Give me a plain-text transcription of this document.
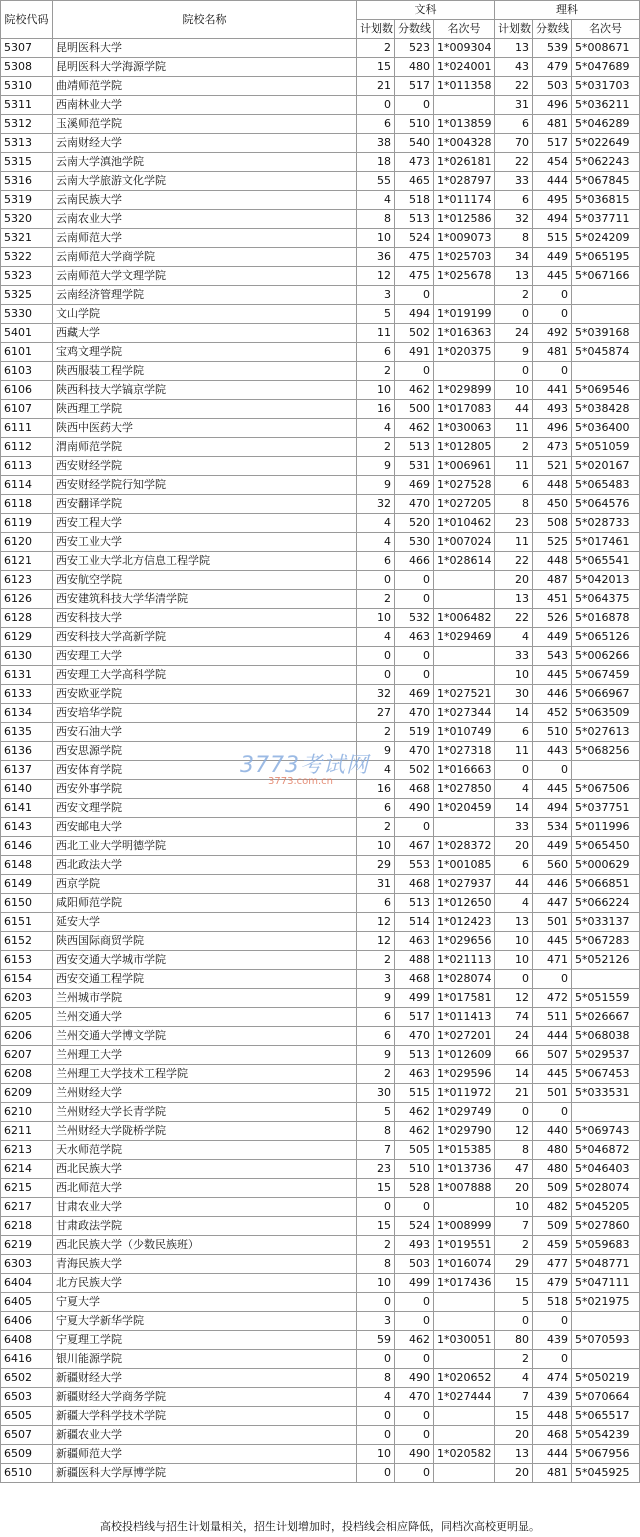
院校代码	院校名称	文科			理科		
		计划数	分数线	名次号	计划数	分数线	名次号
5307	昆明医科大学	2	523	1*009304	13	539	5*008671
5308	昆明医科大学海源学院	15	480	1*024001	43	479	5*047689
5310	曲靖师范学院	21	517	1*011358	22	503	5*031703
5311	西南林业大学	0	0		31	496	5*036211
5312	玉溪师范学院	6	510	1*013859	6	481	5*046289
5313	云南财经大学	38	540	1*004328	70	517	5*022649
5315	云南大学滇池学院	18	473	1*026181	22	454	5*062243
5316	云南大学旅游文化学院	55	465	1*028797	33	444	5*067845
5319	云南民族大学	4	518	1*011174	6	495	5*036815
5320	云南农业大学	8	513	1*012586	32	494	5*037711
5321	云南师范大学	10	524	1*009073	8	515	5*024209
5322	云南师范大学商学院	36	475	1*025703	34	449	5*065195
5323	云南师范大学文理学院	12	475	1*025678	13	445	5*067166
5325	云南经济管理学院	3	0		2	0	
5330	文山学院	5	494	1*019199	0	0	
5401	西藏大学	11	502	1*016363	24	492	5*039168
6101	宝鸡文理学院	6	491	1*020375	9	481	5*045874
6103	陕西服装工程学院	2	0		0	0	
6106	陕西科技大学镐京学院	10	462	1*029899	10	441	5*069546
6107	陕西理工学院	16	500	1*017083	44	493	5*038428
6111	陕西中医药大学	4	462	1*030063	11	496	5*036400
6112	渭南师范学院	2	513	1*012805	2	473	5*051059
6113	西安财经学院	9	531	1*006961	11	521	5*020167
6114	西安财经学院行知学院	9	469	1*027528	6	448	5*065483
6118	西安翻译学院	32	470	1*027205	8	450	5*064576
6119	西安工程大学	4	520	1*010462	23	508	5*028733
6120	西安工业大学	4	530	1*007024	11	525	5*017461
6121	西安工业大学北方信息工程学院	6	466	1*028614	22	448	5*065541
6123	西安航空学院	0	0		20	487	5*042013
6126	西安建筑科技大学华清学院	2	0		13	451	5*064375
6128	西安科技大学	10	532	1*006482	22	526	5*016878
6129	西安科技大学高新学院	4	463	1*029469	4	449	5*065126
6130	西安理工大学	0	0		33	543	5*006266
6131	西安理工大学高科学院	0	0		10	445	5*067459
6133	西安欧亚学院	32	469	1*027521	30	446	5*066967
6134	西安培华学院	27	470	1*027344	14	452	5*063509
6135	西安石油大学	2	519	1*010749	6	510	5*027613
6136	西安思源学院	9	470	1*027318	11	443	5*068256
6137	西安体育学院	4	502	1*016663	0	0	
6140	西安外事学院	16	468	1*027850	4	445	5*067506
6141	西安文理学院	6	490	1*020459	14	494	5*037751
6143	西安邮电大学	2	0		33	534	5*011996
6146	西北工业大学明德学院	10	467	1*028372	20	449	5*065450
6148	西北政法大学	29	553	1*001085	6	560	5*000629
6149	西京学院	31	468	1*027937	44	446	5*066851
6150	咸阳师范学院	6	513	1*012650	4	447	5*066224
6151	延安大学	12	514	1*012423	13	501	5*033137
6152	陕西国际商贸学院	12	463	1*029656	10	445	5*067283
6153	西安交通大学城市学院	2	488	1*021113	10	471	5*052126
6154	西安交通工程学院	3	468	1*028074	0	0	
6203	兰州城市学院	9	499	1*017581	12	472	5*051559
6205	兰州交通大学	6	517	1*011413	74	511	5*026667
6206	兰州交通大学博文学院	6	470	1*027201	24	444	5*068038
6207	兰州理工大学	9	513	1*012609	66	507	5*029537
6208	兰州理工大学技术工程学院	2	463	1*029596	14	445	5*067453
6209	兰州财经大学	30	515	1*011972	21	501	5*033531
6210	兰州财经大学长青学院	5	462	1*029749	0	0	
6211	兰州财经大学陇桥学院	8	462	1*029790	12	440	5*069743
6213	天水师范学院	7	505	1*015385	8	480	5*046872
6214	西北民族大学	23	510	1*013736	47	480	5*046403
6215	西北师范大学	15	528	1*007888	20	509	5*028074
6217	甘肃农业大学	0	0		10	482	5*045205
6218	甘肃政法学院	15	524	1*008999	7	509	5*027860
6219	西北民族大学（少数民族班）	2	493	1*019551	2	459	5*059683
6303	青海民族大学	8	503	1*016074	29	477	5*048771
6404	北方民族大学	10	499	1*017436	15	479	5*047111
6405	宁夏大学	0	0		5	518	5*021975
6406	宁夏大学新华学院	3	0		0	0	
6408	宁夏理工学院	59	462	1*030051	80	439	5*070593
6416	银川能源学院	0	0		2	0	
6502	新疆财经大学	8	490	1*020652	4	474	5*050219
6503	新疆财经大学商务学院	4	470	1*027444	7	439	5*070664
6505	新疆大学科学技术学院	0	0		15	448	5*065517
6507	新疆农业大学	0	0		20	468	5*054239
6509	新疆师范大学	10	490	1*020582	13	444	5*067956
6510	新疆医科大学厚博学院	0	0		20	481	5*045925
3773考试网
3773.com.cn
高校投档线与招生计划量相关，招生计划增加时，投档线会相应降低，同档次高校更明显。
